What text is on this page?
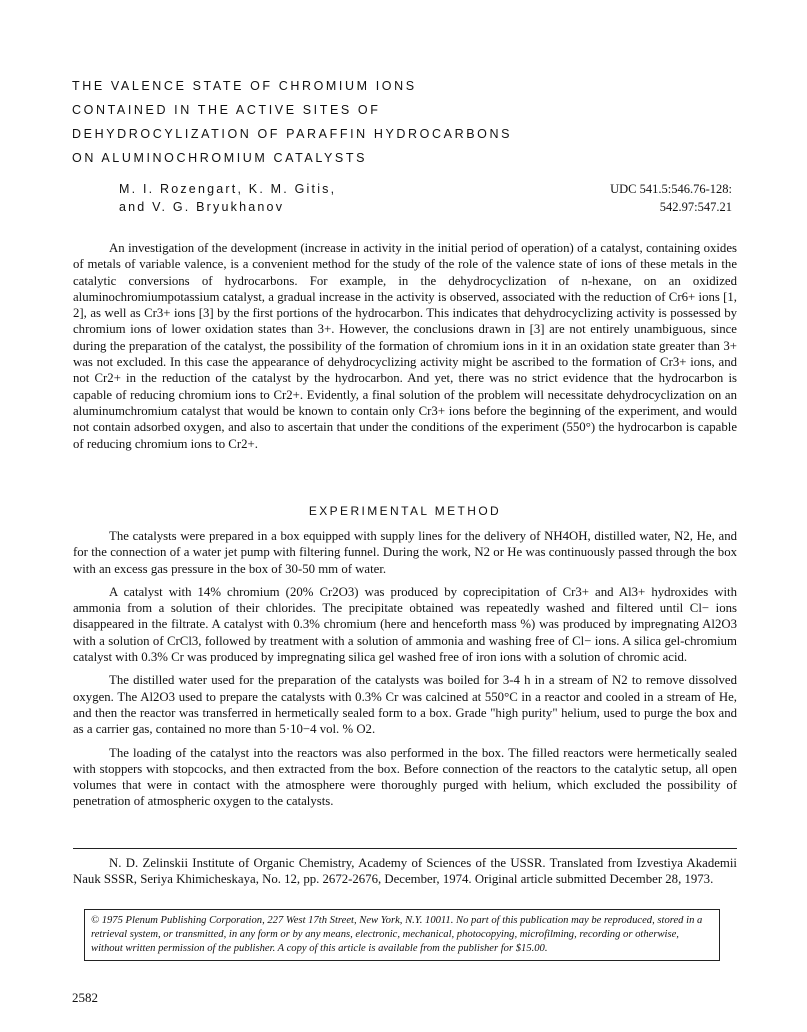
THE VALENCE STATE OF CHROMIUM IONS
CONTAINED IN THE ACTIVE SITES OF
DEHYDROCYLIZATION OF PARAFFIN HYDROCARBONS
ON ALUMINOCHROMIUM CATALYSTS
M. I. Rozengart, K. M. Gitis,
and V. G. Bryukhanov
UDC 541.5:546.76-128:
542.97:547.21

An investigation of the development (increase in activity in the initial period of operation) of a catalyst, containing oxides of metals of variable valence, is a convenient method for the study of the role of the valence state of ions of these metals in the catalytic conversions of hydrocarbons. For example, in the dehydrocyclization of n-hexane, on an oxidized aluminochromiumpotassium catalyst, a gradual increase in the activity is observed, associated with the reduction of Cr6+ ions [1, 2], as well as Cr3+ ions [3] by the first portions of the hydrocarbon. This indicates that dehydrocyclizing activity is possessed by chromium ions of lower oxidation states than 3+. However, the conclusions drawn in [3] are not entirely unambiguous, since during the preparation of the catalyst, the possibility of the formation of chromium ions in it in an oxidation state greater than 3+ was not excluded. In this case the appearance of dehydrocyclizing activity might be ascribed to the formation of Cr3+ ions, and not Cr2+ in the reduction of the catalyst by the hydrocarbon. And yet, there was no strict evidence that the hydrocarbon is capable of reducing chromium ions to Cr2+. Evidently, a final solution of the problem will necessitate dehydrocyclization on an aluminumchromium catalyst that would be known to contain only Cr3+ ions before the beginning of the experiment, and would not contain adsorbed oxygen, and also to ascertain that under the conditions of the experiment (550°) the hydrocarbon is capable of reducing chromium ions to Cr2+.

EXPERIMENTAL METHOD

The catalysts were prepared in a box equipped with supply lines for the delivery of NH4OH, distilled water, N2, He, and for the connection of a water jet pump with filtering funnel. During the work, N2 or He was continuously passed through the box with an excess gas pressure in the box of 30-50 mm of water.

A catalyst with 14% chromium (20% Cr2O3) was produced by coprecipitation of Cr3+ and Al3+ hydroxides with ammonia from a solution of their chlorides. The precipitate obtained was repeatedly washed and filtered until Cl− ions disappeared in the filtrate. A catalyst with 0.3% chromium (here and henceforth mass %) was produced by impregnating Al2O3 with a solution of CrCl3, followed by treatment with a solution of ammonia and washing free of Cl− ions. A silica gel-chromium catalyst with 0.3% Cr was produced by impregnating silica gel washed free of iron ions with a solution of chromic acid.

The distilled water used for the preparation of the catalysts was boiled for 3-4 h in a stream of N2 to remove dissolved oxygen. The Al2O3 used to prepare the catalysts with 0.3% Cr was calcined at 550°C in a reactor and cooled in a stream of He, and then the reactor was transferred in hermetically sealed form to a box. Grade "high purity" helium, used to purge the box and as a carrier gas, contained no more than 5·10−4 vol. % O2.

The loading of the catalyst into the reactors was also performed in the box. The filled reactors were hermetically sealed with stoppers with stopcocks, and then extracted from the box. Before connection of the reactors to the catalytic setup, all open volumes that were in contact with the atmosphere were thoroughly purged with helium, which excluded the possibility of penetration of atmospheric oxygen to the catalysts.

N. D. Zelinskii Institute of Organic Chemistry, Academy of Sciences of the USSR. Translated from Izvestiya Akademii Nauk SSSR, Seriya Khimicheskaya, No. 12, pp. 2672-2676, December, 1974. Original article submitted December 28, 1973.

© 1975 Plenum Publishing Corporation, 227 West 17th Street, New York, N.Y. 10011. No part of this publication may be reproduced, stored in a retrieval system, or transmitted, in any form or by any means, electronic, mechanical, photocopying, microfilming, recording or otherwise, without written permission of the publisher. A copy of this article is available from the publisher for $15.00.
2582
